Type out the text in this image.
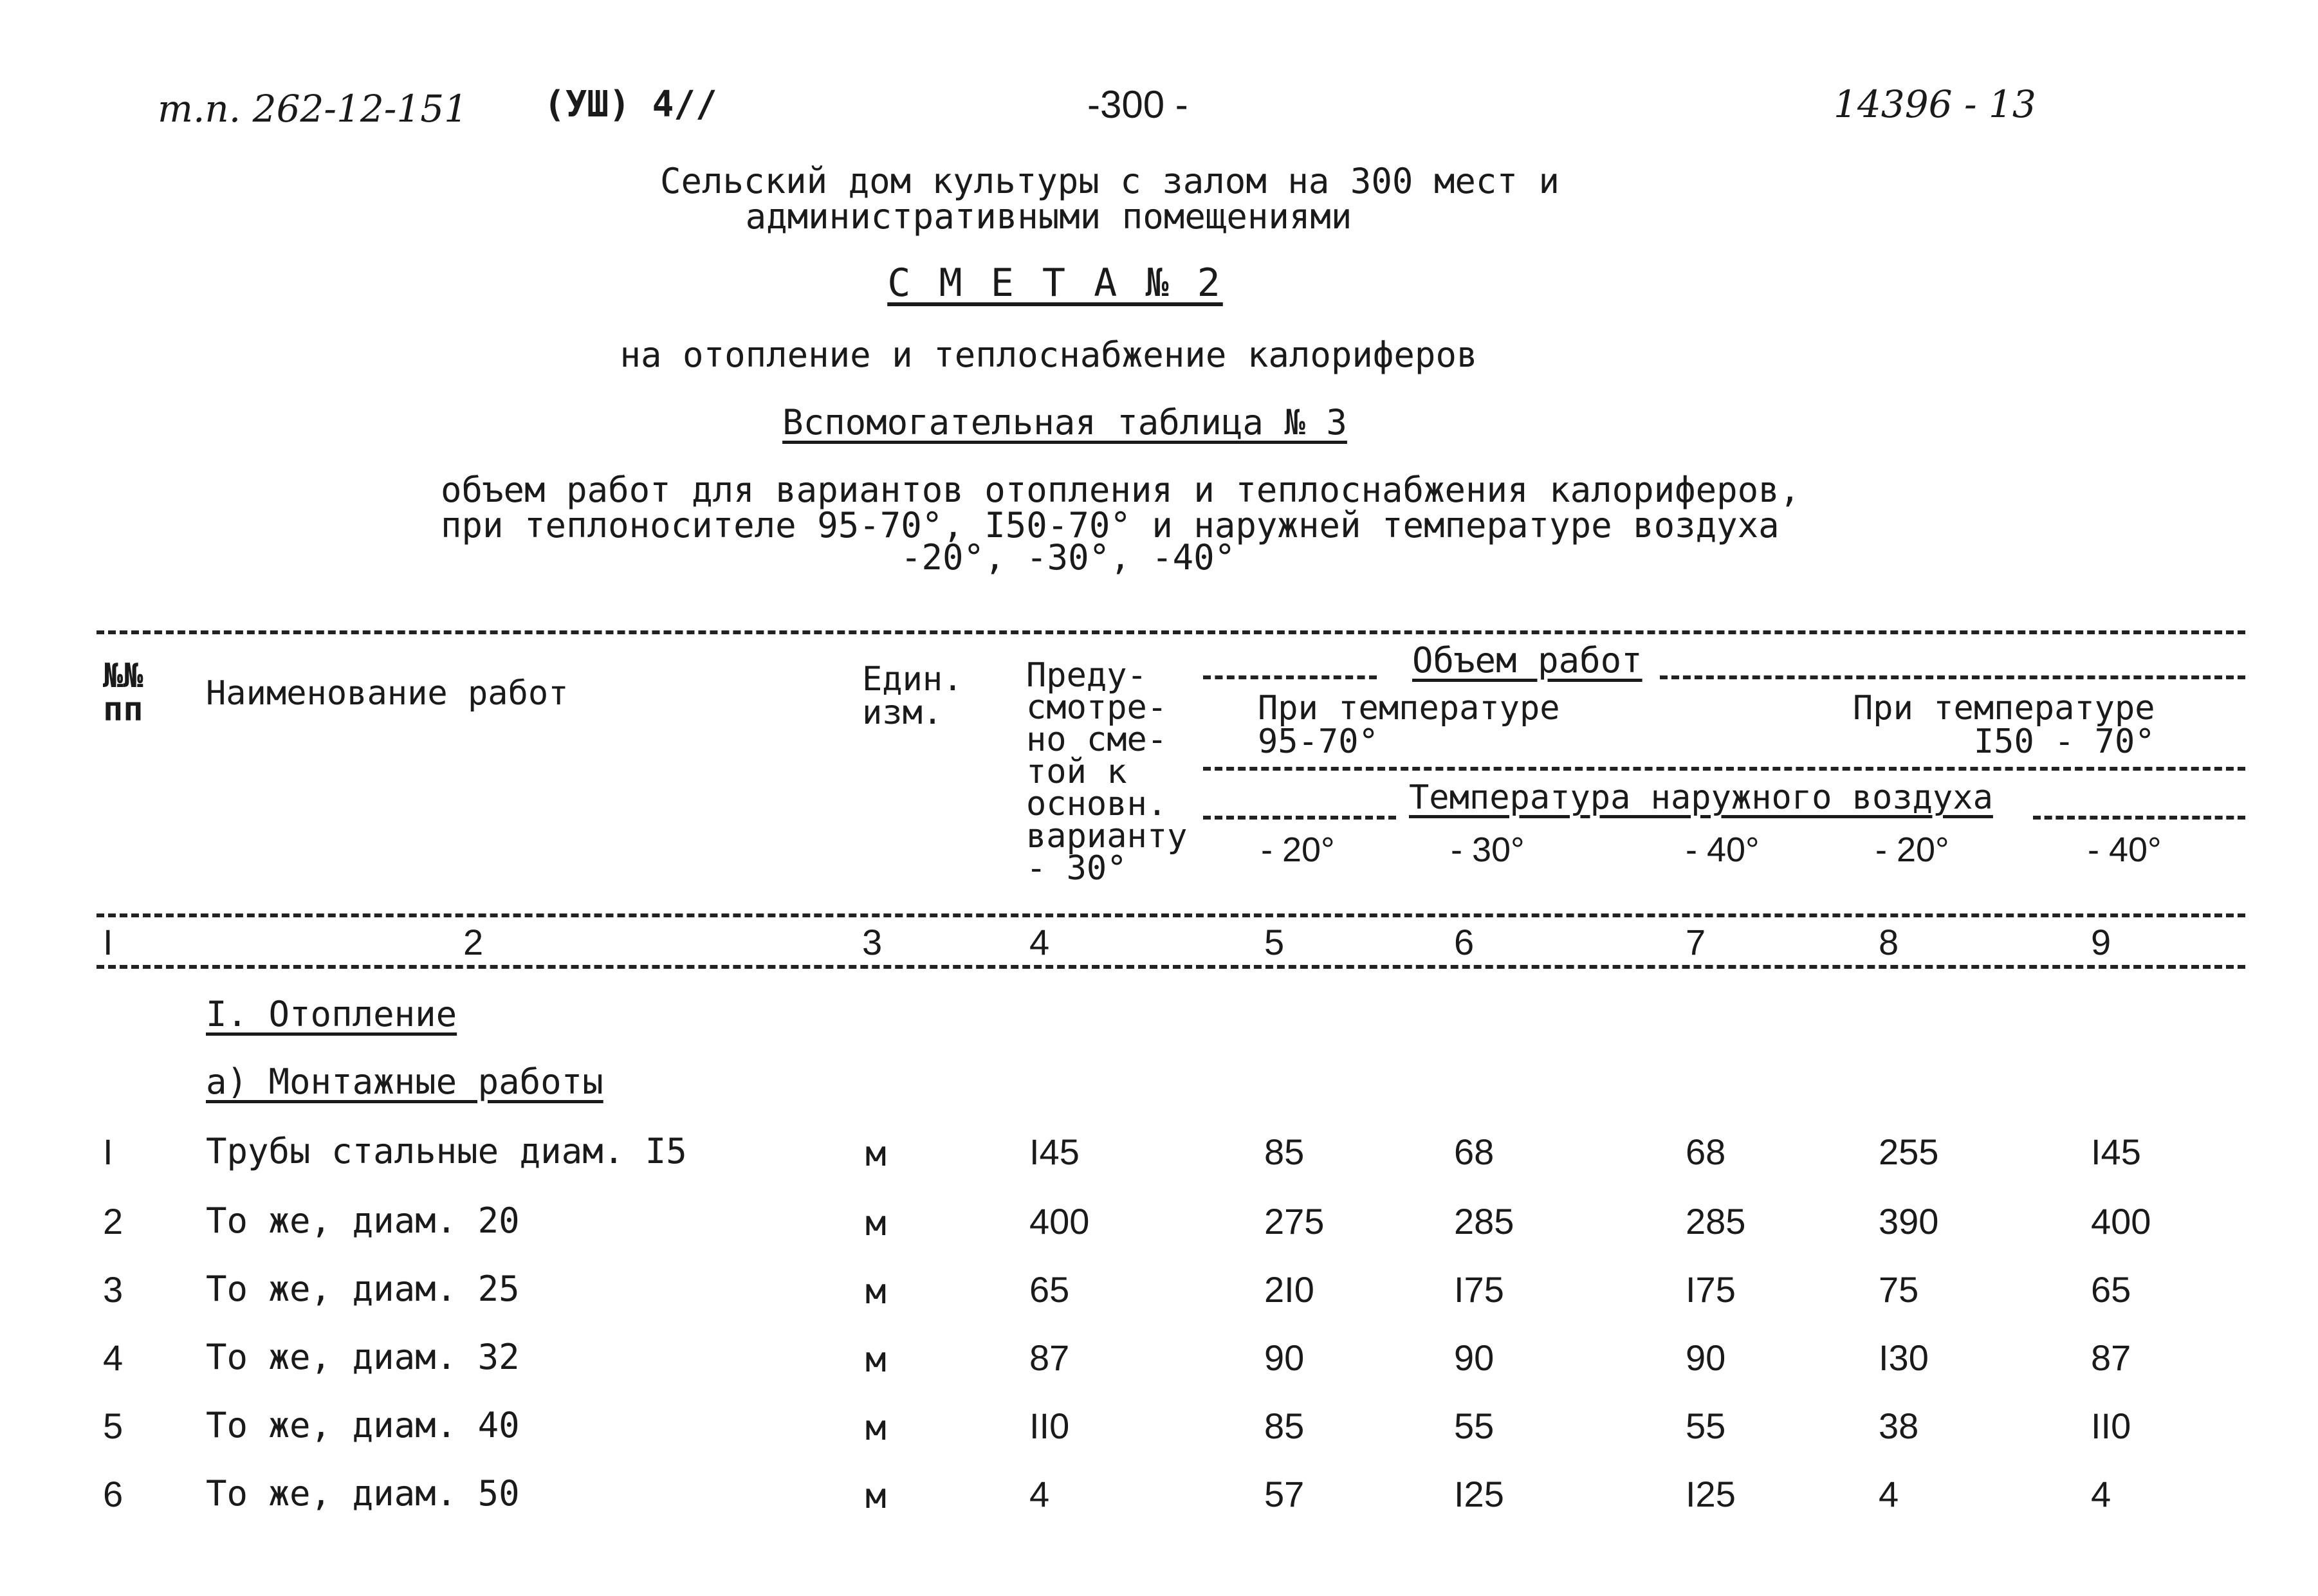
т.п. 262-12-151 (УШ) 4//	-300 -	14396 - 13
Сельский дом культуры с залом на 300 мест и
административными помещениями
С М Е Т А № 2
на отопление и теплоснабжение калориферов
Вспомогательная таблица № 3
объем работ для вариантов отопления и теплоснабжения калориферов,
при теплоносителе 95-70°, I50-70° и наружней температуре воздуха
-20°, -30°, -40°
№№
пп Наименование работ	Един.
изм.
Преду-
смотре-
но сме-
той к
основн.
варианту
- 30°
Объем работ
При температуре
95-70°
При температуре
I50 - 70°
Температура наружного воздуха
- 20°	- 30°	- 40°	- 20°	- 40°
I	2	3	4	5	6	7	8	9
I. Отопление
а) Монтажные работы
I	Трубы стальные диам. I5	м	I45	85	68	68	255	I45
2 То же, диам. 20	м	400	275	285	285	390	400
3 То же, диам. 25	м	65	2I0	I75	I75	75	65
4 То же, диам. 32	м	87	90	90	90	I30	87
5 То же, диам. 40	м	II0	85	55	55	38	II0
6 То же, диам. 50	м	4	57	I25	I25	4	4
